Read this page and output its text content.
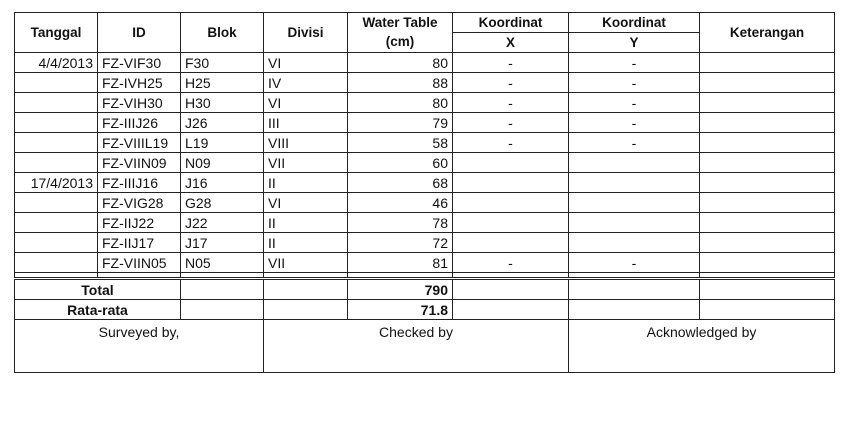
Tanggal	ID	Blok	Divisi	Water Table	Koordinat	Koordinat	Keterangan
				(cm)	X	Y	
4/4/2013	FZ-VIF30	F30	VI	80	-	-	
	FZ-IVH25	H25	IV	88	-	-	
	FZ-VIH30	H30	VI	80	-	-	
	FZ-IIIJ26	J26	III	79	-	-	
	FZ-VIIIL19	L19	VIII	58	-	-	
	FZ-VIIN09	N09	VII	60			
17/4/2013	FZ-IIIJ16	J16	II	68			
	FZ-VIG28	G28	VI	46			
	FZ-IIJ22	J22	II	78			
	FZ-IIJ17	J17	II	72			
	FZ-VIIN05	N05	VII	81	-	-	

Total				790			
Rata-rata				71.8			
Surveyed by,			Checked by			Acknowledged by	
